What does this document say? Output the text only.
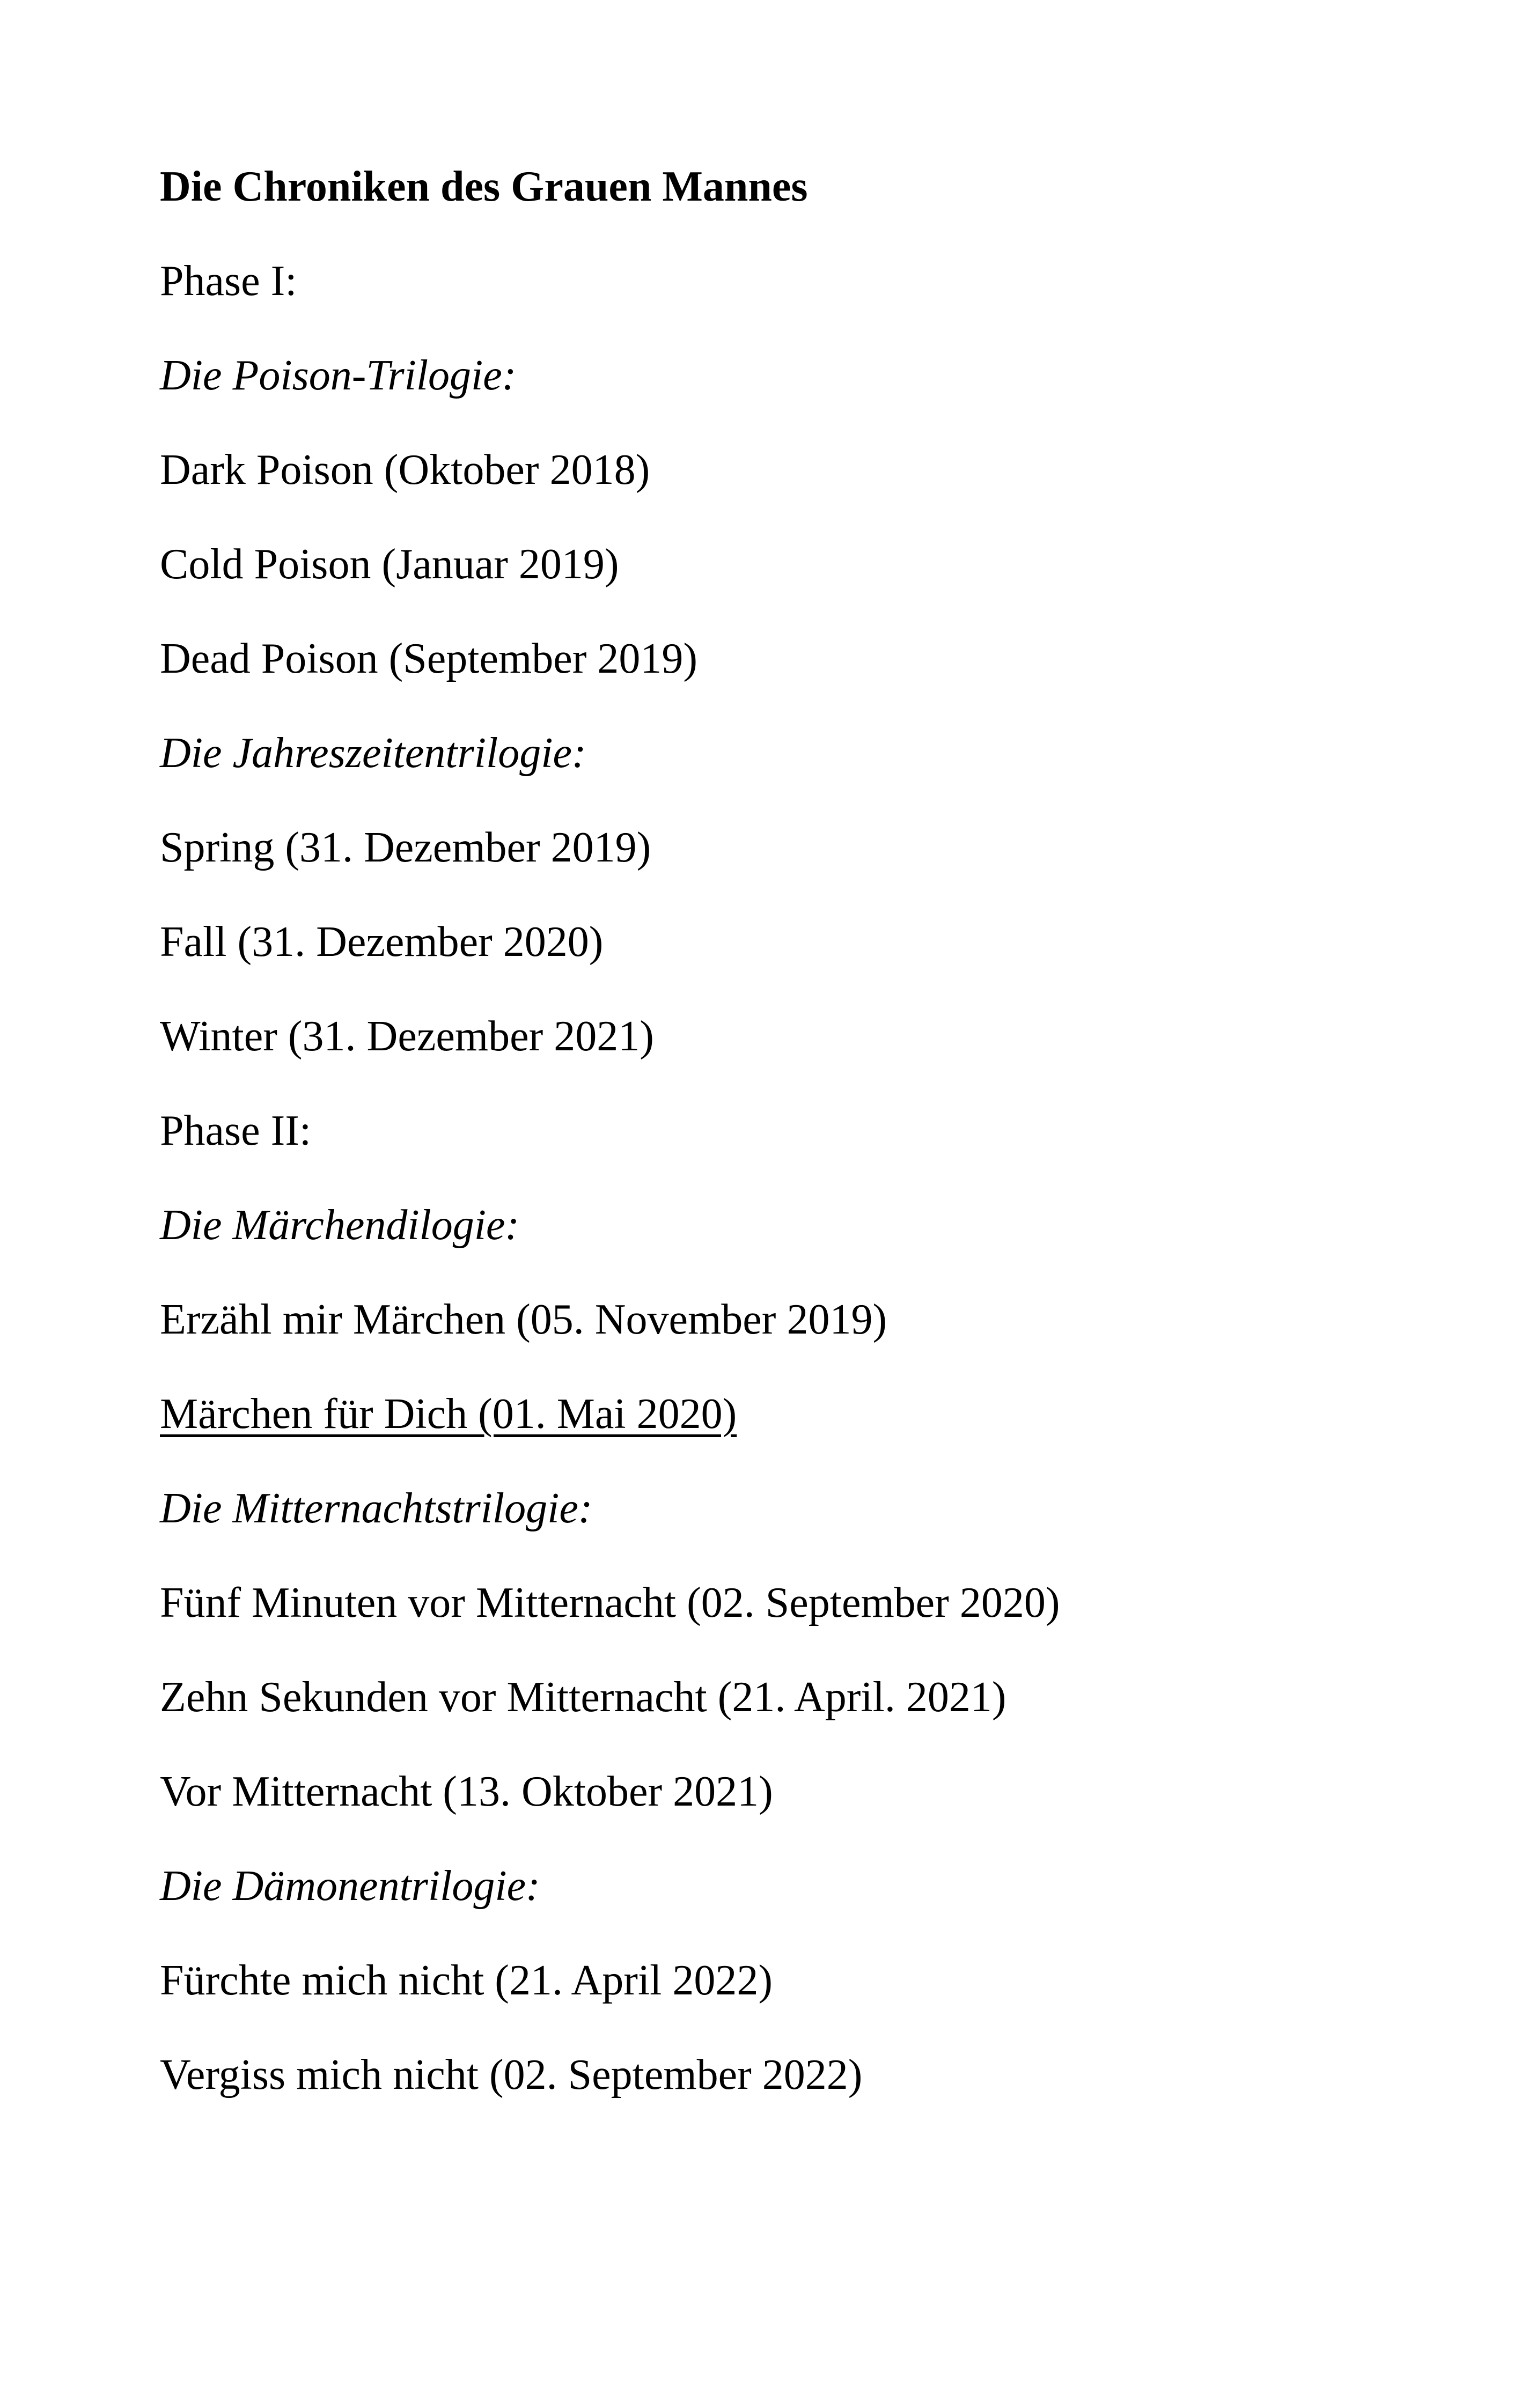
Die Chroniken des Grauen Mannes

Phase I:

Die Poison-Trilogie:

Dark Poison (Oktober 2018)

Cold Poison (Januar 2019)

Dead Poison (September 2019)

Die Jahreszeitentrilogie:

Spring (31. Dezember 2019)

Fall (31. Dezember 2020)

Winter (31. Dezember 2021)

Phase II:

Die Märchendilogie:

Erzähl mir Märchen (05. November 2019)

Märchen für Dich (01. Mai 2020)

Die Mitternachtstrilogie:

Fünf Minuten vor Mitternacht (02. September 2020)

Zehn Sekunden vor Mitternacht (21. April. 2021)

Vor Mitternacht (13. Oktober 2021)

Die Dämonentrilogie:

Fürchte mich nicht (21. April 2022)

Vergiss mich nicht (02. September 2022)
